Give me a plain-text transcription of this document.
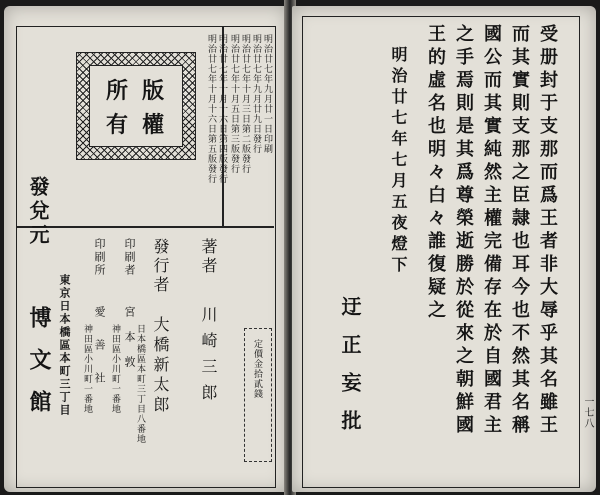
版
權
所
有	明治廿七年九月廿一日印刷
明治廿七年九月廿九日發行
明治廿七年十月三日第二版發行
明治廿七年十月五日第三版發行
明治廿七年十月十六日第四版發行
明治廿七年十月十六日第五版發行
定價金拾貳錢
著者
川崎三郎
發行者
大橋新太郎
日本橋區本町三丁目八番地
印刷者
宮本敦
神田區小川町一番地
印刷所
愛善社
神田區小川町一番地
發兌元
東京日本橋區本町三丁目
博文館	受册封于支那而爲王者非大辱乎其名雖王
而其實則支那之臣隷也耳今也不然其名稱
國公而其實純然主權完備存在於自國君主
之手焉則是其爲尊榮逝勝於從來之朝鮮國
王的虛名也明々白々誰復疑之
明治廿七年七月五夜燈下
迂正妄批	一七八
